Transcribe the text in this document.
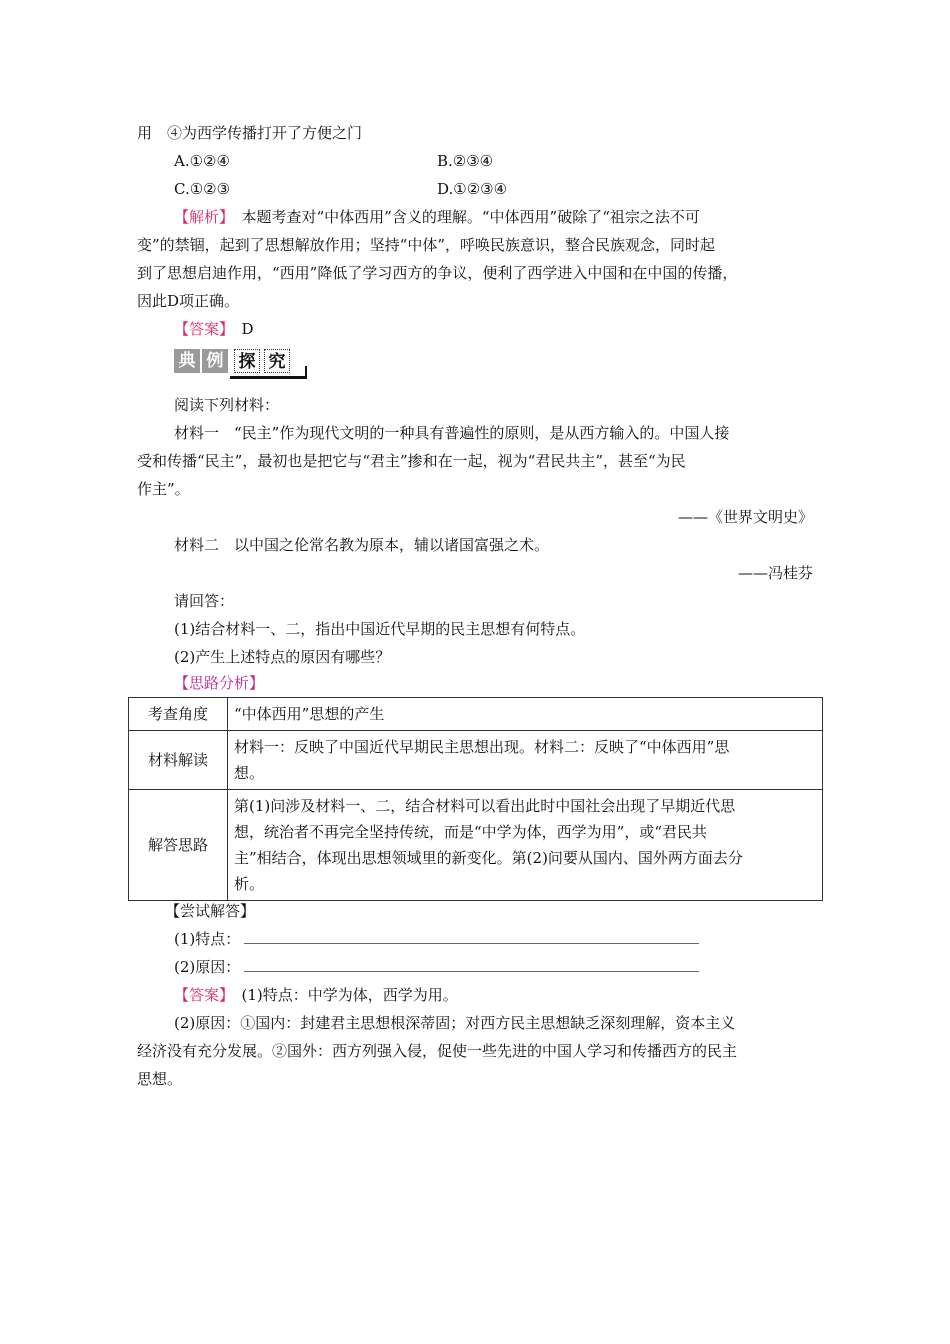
用　④为西学传播打开了方便之门
A.①②④	B.②③④
C.①②③	D.①②③④
【解析】　本题考查对“中体西用”含义的理解。“中体西用”破除了“祖宗之法不可
变”的禁锢，起到了思想解放作用；坚持“中体”，呼唤民族意识，整合民族观念，同时起
到了思想启迪作用，“西用”降低了学习西方的争议，便利了西学进入中国和在中国的传播，
因此D项正确。
【答案】　D
典 例 探 究
阅读下列材料：
材料一　“民主”作为现代文明的一种具有普遍性的原则，是从西方输入的。中国人接
受和传播“民主”，最初也是把它与“君主”掺和在一起，视为“君民共主”，甚至“为民
作主”。
——《世界文明史》
材料二　以中国之伦常名教为原本，辅以诸国富强之术。
——冯桂芬
请回答：
(1)结合材料一、二，指出中国近代早期的民主思想有何特点。
(2)产生上述特点的原因有哪些？
【思路分析】
考查角度	“中体西用”思想的产生
材料解读	材料一：反映了中国近代早期民主思想出现。材料二：反映了“中体西用”思
想。

解答思路	第(1)问涉及材料一、二，结合材料可以看出此时中国社会出现了早期近代思
想，统治者不再完全坚持传统，而是“中学为体，西学为用”，或“君民共
主”相结合，体现出思想领域里的新变化。第(2)问要从国内、国外两方面去分
析。
【尝试解答】
(1)特点：
(2)原因：
【答案】　(1)特点：中学为体，西学为用。
(2)原因：①国内：封建君主思想根深蒂固；对西方民主思想缺乏深刻理解，资本主义
经济没有充分发展。②国外：西方列强入侵，促使一些先进的中国人学习和传播西方的民主
思想。
